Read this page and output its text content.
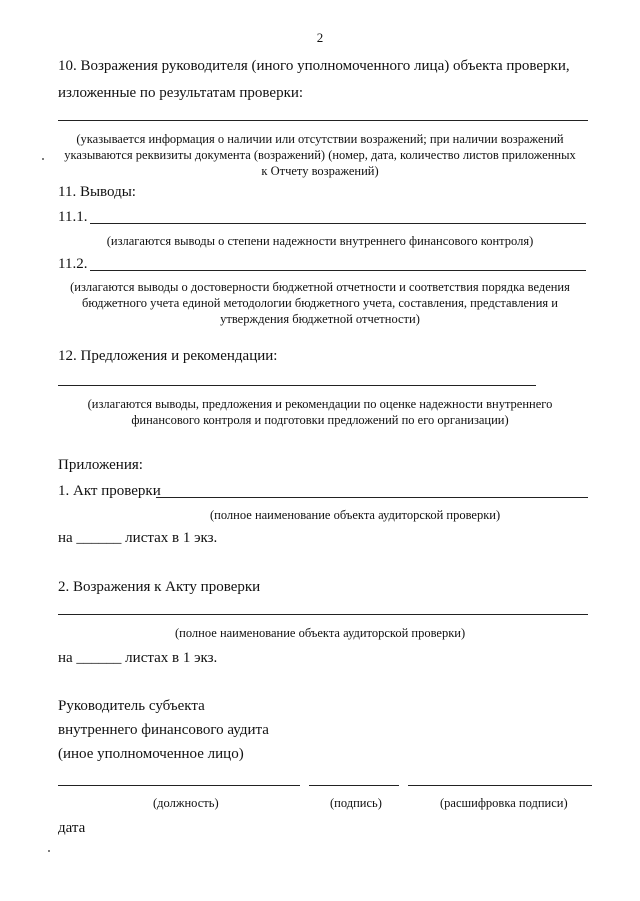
2
10. Возражения руководителя (иного уполномоченного лица) объекта проверки,
изложенные по результатам проверки:
(указывается информация о наличии или отсутствии возражений; при наличии возражений
указываются реквизиты документа (возражений) (номер, дата, количество листов приложенных
к Отчету возражений)
11. Выводы:
11.1.
(излагаются выводы о степени надежности внутреннего финансового контроля)
11.2.
(излагаются выводы о достоверности бюджетной отчетности и соответствия порядка ведения
бюджетного учета единой методологии бюджетного учета, составления, представления и
утверждения бюджетной отчетности)
12. Предложения и рекомендации:
(излагаются выводы, предложения и рекомендации по оценке надежности внутреннего
финансового контроля и подготовки предложений по его организации)
Приложения:
1. Акт проверки
(полное наименование объекта аудиторской проверки)
на ______ листах в 1 экз.
2. Возражения к Акту проверки
(полное наименование объекта аудиторской проверки)
на ______ листах в 1 экз.
Руководитель субъекта
внутреннего финансового аудита
(иное уполномоченное лицо)
(должность)	(подпись)	(расшифровка подписи)
дата
